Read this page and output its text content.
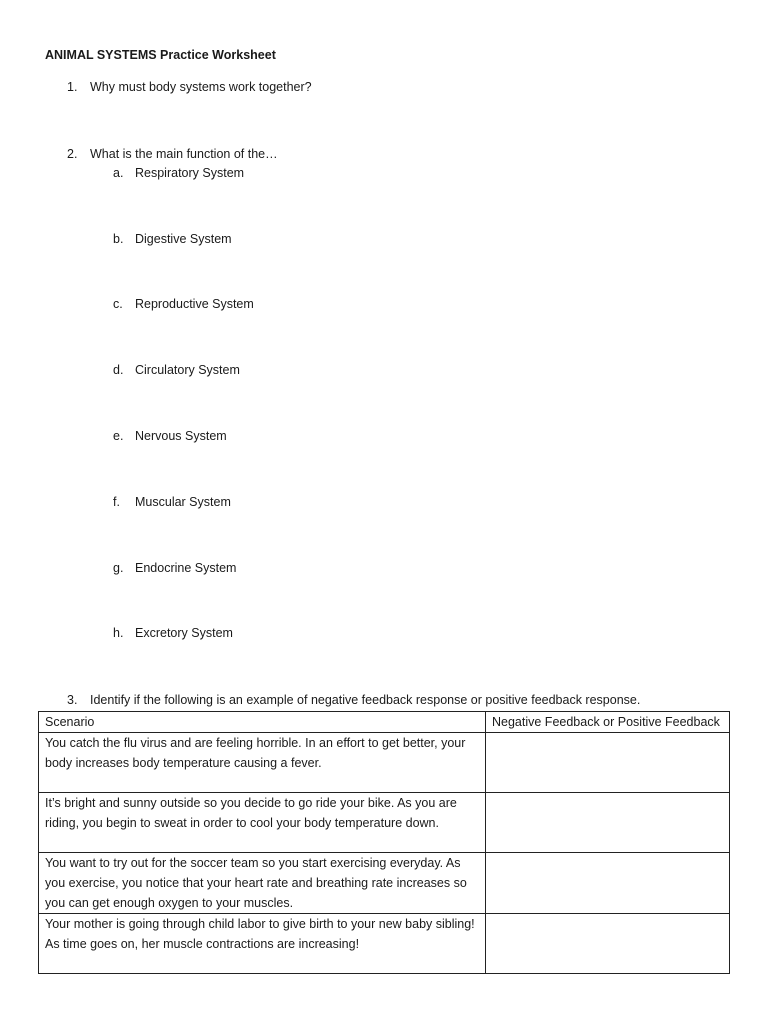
ANIMAL SYSTEMS Practice Worksheet
1.	Why must body systems work together?
2.	What is the main function of the…
a. Respiratory System
b. Digestive System
c. Reproductive System
d. Circulatory System
e. Nervous System
f. Muscular System
g. Endocrine System
h. Excretory System
3.	Identify if the following is an example of negative feedback response or positive feedback response.
Scenario	Negative Feedback or Positive Feedback
You catch the flu virus and are feeling horrible. In an effort to get better, your body increases body temperature causing a fever.	
It’s bright and sunny outside so you decide to go ride your bike. As you are riding, you begin to sweat in order to cool your body temperature down.	
You want to try out for the soccer team so you start exercising everyday. As you exercise, you notice that your heart rate and breathing rate increases so you can get enough oxygen to your muscles.	
Your mother is going through child labor to give birth to your new baby sibling! As time goes on, her muscle contractions are increasing!	
